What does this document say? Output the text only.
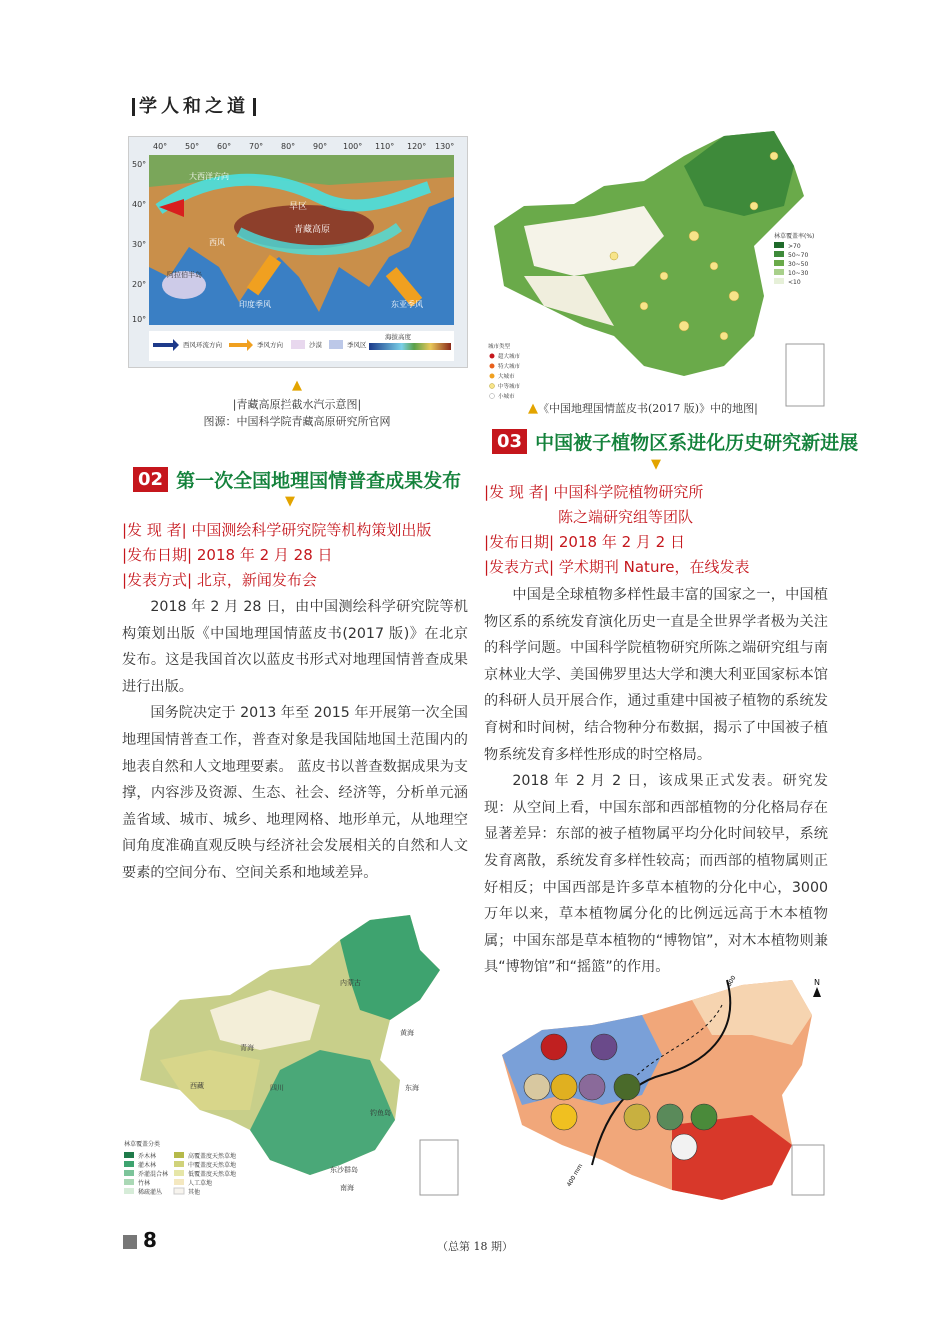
学人和之道
青藏高原
旱区
大西洋方向
印度季风	东亚季风
西风
阿拉伯半岛
40° 50° 60° 70° 80° 90° 100° 110° 120° 130°
50°
40°
30°
20°
10°
西风环流方向	季风方向	沙漠	季风区
海拔高度
▲
|青藏高原拦截水汽示意图|
图源：中国科学院青藏高原研究所官网
02 第一次全国地理国情普查成果发布
▼
|发 现 者| 中国测绘科学研究院等机构策划出版
|发布日期| 2018 年 2 月 28 日
|发表方式| 北京，新闻发布会

2018 年 2 月 28 日，由中国测绘科学研究院等机构策划出版《中国地理国情蓝皮书(2017 版)》在北京发布。这是我国首次以蓝皮书形式对地理国情普查成果进行出版。

国务院决定于 2013 年至 2015 年开展第一次全国地理国情普查工作，普查对象是我国陆地国土范围内的地表自然和人文地理要素。 蓝皮书以普查数据成果为支撑，内容涉及资源、生态、社会、经济等，分析单元涵盖省域、城市、城乡、地理网格、地形单元，从地理空间角度准确直观反映与经济社会发展相关的自然和人文要素的空间分布、空间关系和地域差异。

内蒙古
青海
西藏	四川
黄海
东海
南海
东沙群岛
钓鱼岛
林草覆盖分类
乔木林
灌木林
乔灌混合林
竹林
稀疏灌丛
高覆盖度天然草地
中覆盖度天然草地
低覆盖度天然草地
人工草地
其他
林草覆盖率(%)
>70
50~70
30~50
10~30
<10
城市类型
超大城市
特大城市
大城市
中等城市
小城市
▲《中国地理国情蓝皮书(2017 版)》中的地图|
03 中国被子植物区系进化历史研究新进展
▼
|发 现 者| 中国科学院植物研究所
陈之端研究组等团队
|发布日期| 2018 年 2 月 2 日
|发表方式| 学术期刊 Nature，在线发表

中国是全球植物多样性最丰富的国家之一，中国植物区系的系统发育演化历史一直是全世界学者极为关注的科学问题。中国科学院植物研究所陈之端研究组与南京林业大学、美国佛罗里达大学和澳大利亚国家标本馆的科研人员开展合作，通过重建中国被子植物的系统发育树和时间树，结合物种分布数据，揭示了中国被子植物系统发育多样性形成的时空格局。

2018 年 2 月 2 日，该成果正式发表。研究发现：从空间上看，中国东部和西部植物的分化格局存在显著差异：东部的被子植物属平均分化时间较早，系统发育离散，系统发育多样性较高；而西部的植物属则正好相反；中国西部是许多草本植物的分化中心，3000 万年以来，草本植物属分化的比例远远高于木本植物属；中国东部是草本植物的“博物馆”，对木本植物则兼具“博物馆”和“摇篮”的作用。	800 mm
400 mm
N
8	（总第 18 期）
